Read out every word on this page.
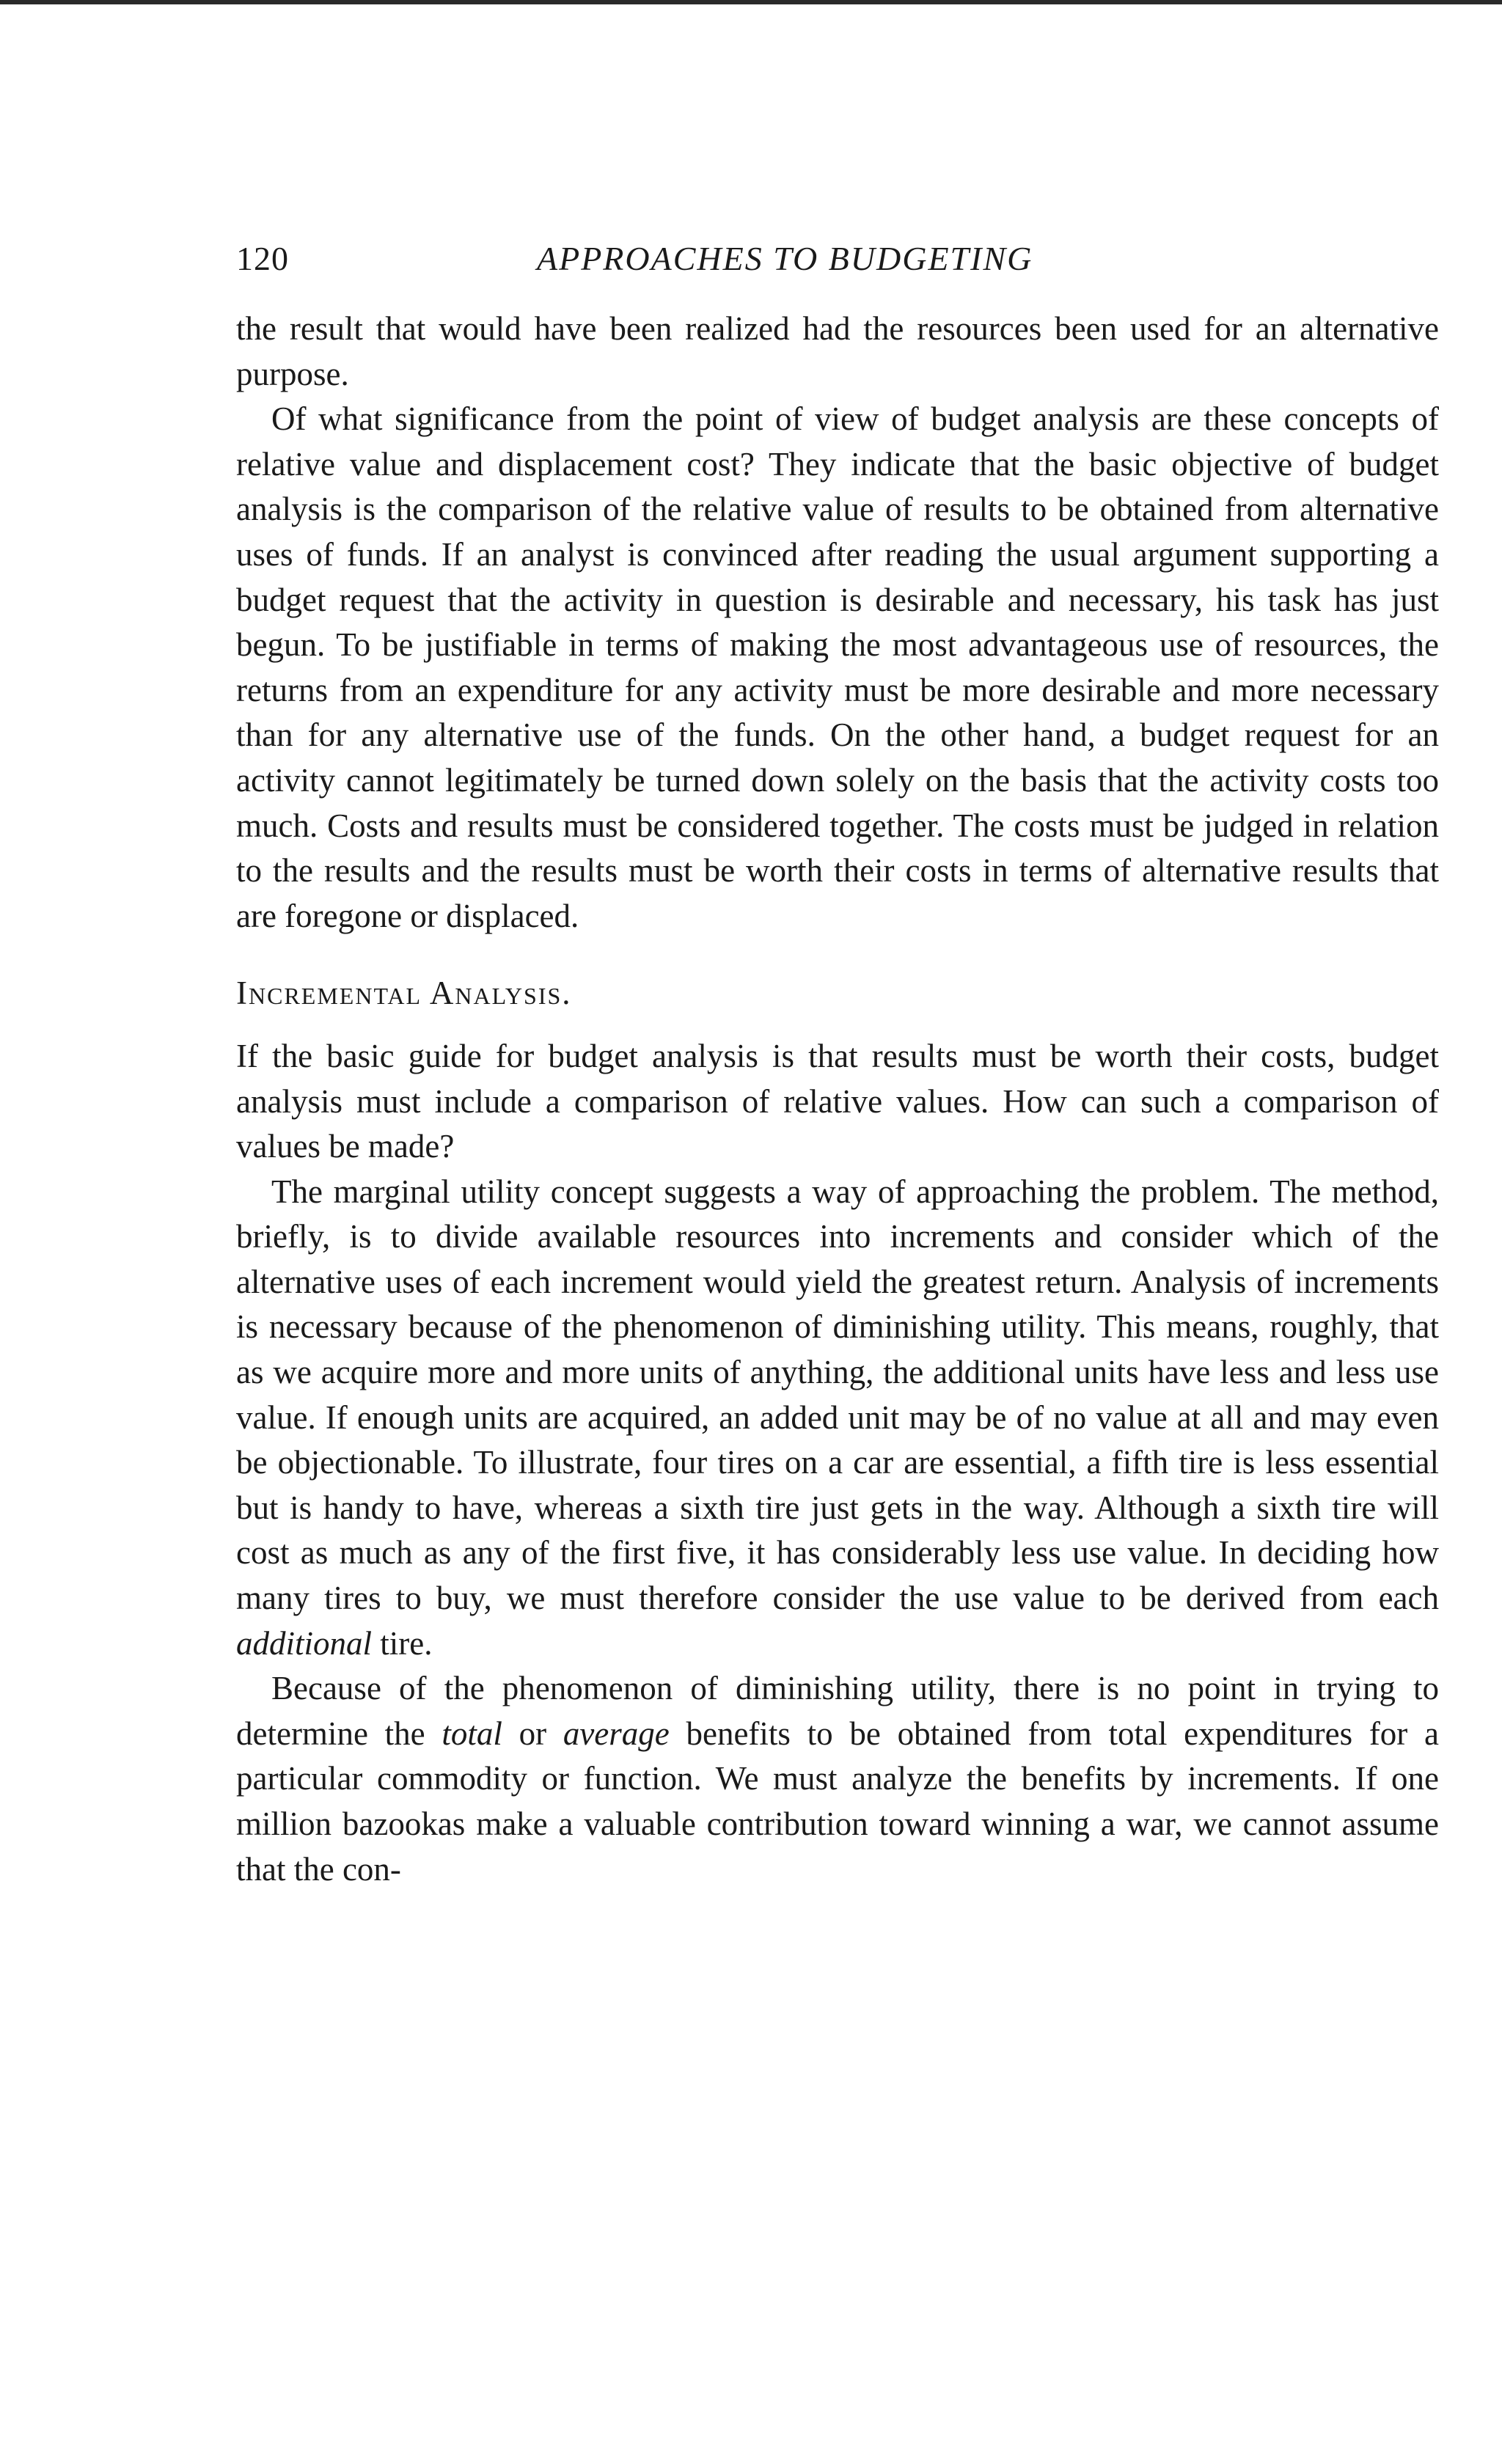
120	APPROACHES TO BUDGETING

the result that would have been realized had the resources been used for an alternative purpose.

Of what significance from the point of view of budget analysis are these concepts of relative value and displacement cost? They indicate that the basic objective of budget analysis is the comparison of the relative value of results to be obtained from alternative uses of funds. If an analyst is convinced after reading the usual argument supporting a budget request that the activity in question is desirable and necessary, his task has just begun. To be justifiable in terms of making the most advantageous use of resources, the returns from an expenditure for any activity must be more desirable and more necessary than for any alternative use of the funds. On the other hand, a budget request for an activity cannot legitimately be turned down solely on the basis that the activity costs too much. Costs and results must be considered together. The costs must be judged in relation to the results and the results must be worth their costs in terms of alternative results that are foregone or displaced.

Incremental Analysis.

If the basic guide for budget analysis is that results must be worth their costs, budget analysis must include a comparison of relative values. How can such a comparison of values be made?

The marginal utility concept suggests a way of approaching the problem. The method, briefly, is to divide available resources into increments and consider which of the alternative uses of each increment would yield the greatest return. Analysis of increments is necessary because of the phenomenon of diminishing utility. This means, roughly, that as we acquire more and more units of anything, the additional units have less and less use value. If enough units are acquired, an added unit may be of no value at all and may even be objectionable. To illustrate, four tires on a car are essential, a fifth tire is less essential but is handy to have, whereas a sixth tire just gets in the way. Although a sixth tire will cost as much as any of the first five, it has considerably less use value. In deciding how many tires to buy, we must therefore consider the use value to be derived from each additional tire.

Because of the phenomenon of diminishing utility, there is no point in trying to determine the total or average benefits to be obtained from total expenditures for a particular commodity or function. We must analyze the benefits by increments. If one million bazookas make a valuable contribution toward winning a war, we cannot assume that the con-
